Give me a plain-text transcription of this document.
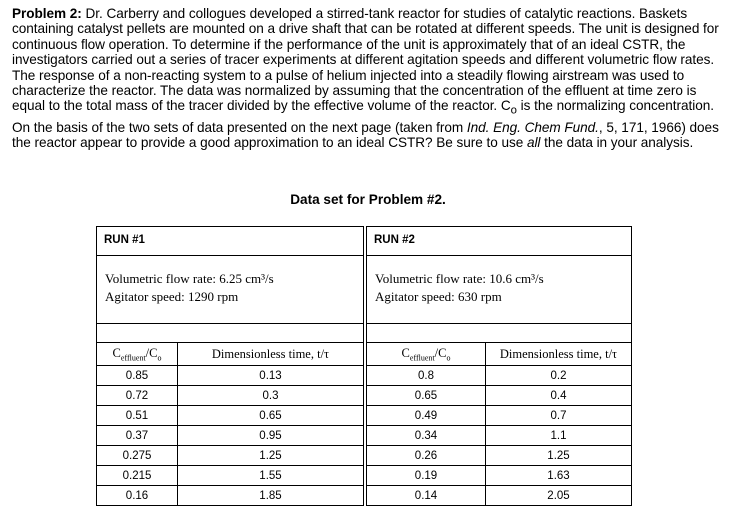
Problem 2: Dr. Carberry and collogues developed a stirred-tank reactor for studies of catalytic reactions. Baskets containing catalyst pellets are mounted on a drive shaft that can be rotated at different speeds. The unit is designed for continuous flow operation. To determine if the performance of the unit is approximately that of an ideal CSTR, the investigators carried out a series of tracer experiments at different agitation speeds and different volumetric flow rates. The response of a non-reacting system to a pulse of helium injected into a steadily flowing airstream was used to characterize the reactor. The data was normalized by assuming that the concentration of the effluent at time zero is equal to the total mass of the tracer divided by the effective volume of the reactor. $C_o$ is the normalizing concentration. On the basis of the two sets of data presented on the next page (taken from Ind. Eng. Chem Fund., 5, 171, 1966) does the reactor appear to provide a good approximation to an ideal CSTR? Be sure to use all the data in your analysis.
Data set for Problem #2.
RUN #1
Volumetric flow rate: 6.25 cm³/s
Agitator speed: 1290 rpm
$C_{effluent}/C_o$	Dimensionless time, t/τ
0.85	0.13
0.72	0.3
0.51	0.65
0.37	0.95
0.275	1.25
0.215	1.55
0.16	1.85
RUN #2
Volumetric flow rate: 10.6 cm³/s
Agitator speed: 630 rpm
$C_{effluent}/C_o$	Dimensionless time, t/τ
0.8	0.2
0.65	0.4
0.49	0.7
0.34	1.1
0.26	1.25
0.19	1.63
0.14	2.05
